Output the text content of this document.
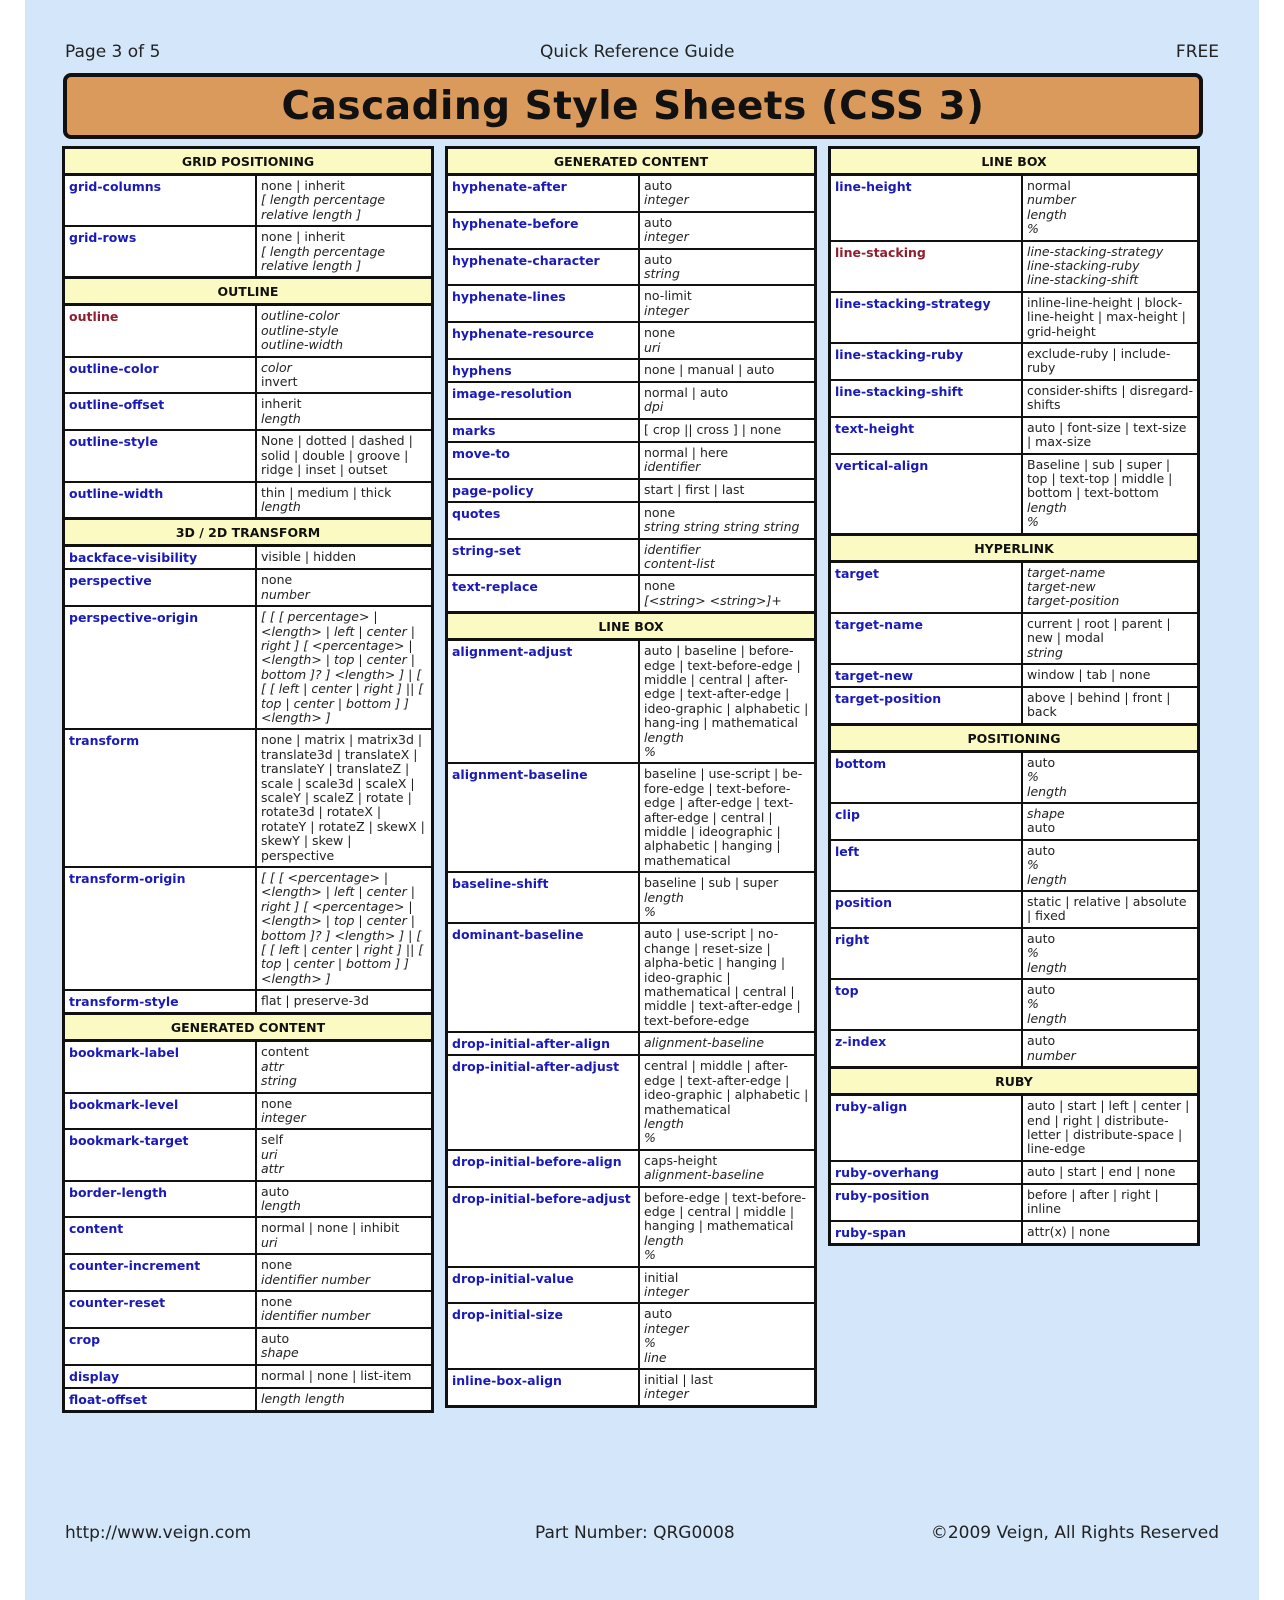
Page 3 of 5	Quick Reference Guide	FREE
Cascading Style Sheets (CSS 3)
GRID POSITIONING
grid-columns	none | inherit
[ length percentage relative length ]
grid-rows	none | inherit
[ length percentage relative length ]
OUTLINE
outline	outline-color
outline-style
outline-width
outline-color	color
invert
outline-offset	inherit
length
outline-style	None | dotted | dashed | solid | double | groove | ridge | inset | outset
outline-width	thin | medium | thick
length
3D / 2D TRANSFORM
backface-visibility	visible | hidden
perspective	none
number
perspective-origin	[ [ [ percentage> | <length> | left | center | right ] [ <percentage> | <length> | top | center | bottom ]? ] <length> ] | [ [ [ left | center | right ] || [ top | center | bottom ] ] <length> ]
transform	none | matrix | matrix3d | translate3d | translateX | translateY | translateZ | scale | scale3d | scaleX | scaleY | scaleZ | rotate | rotate3d | rotateX | rotateY | rotateZ | skewX | skewY | skew | perspective
transform-origin	[ [ [ <percentage> | <length> | left | center | right ] [ <percentage> | <length> | top | center | bottom ]? ] <length> ] | [ [ [ left | center | right ] || [ top | center | bottom ] ] <length> ]
transform-style	flat | preserve-3d
GENERATED CONTENT
bookmark-label	content
attr
string
bookmark-level	none
integer
bookmark-target	self
uri
attr
border-length	auto
length
content	normal | none | inhibit
uri
counter-increment	none
identifier number
counter-reset	none
identifier number
crop	auto
shape
display	normal | none | list-item
float-offset	length length
GENERATED CONTENT
hyphenate-after	auto
integer
hyphenate-before	auto
integer
hyphenate-character	auto
string
hyphenate-lines	no-limit
integer
hyphenate-resource	none
uri
hyphens	none | manual | auto
image-resolution	normal | auto
dpi
marks	[ crop || cross ] | none
move-to	normal | here
identifier
page-policy	start | first | last
quotes	none
string string string string
string-set	identifier
content-list
text-replace	none
[<string> <string>]+
LINE BOX
alignment-adjust	auto | baseline | before-edge | text-before-edge | middle | central | after-edge | text-after-edge | ideo-graphic | alphabetic | hang-ing | mathematical
length
%
alignment-baseline	baseline | use-script | be-fore-edge | text-before-edge | after-edge | text-after-edge | central | middle | ideographic | alphabetic | hanging | mathematical
baseline-shift	baseline | sub | super
length
%
dominant-baseline	auto | use-script | no-change | reset-size | alpha-betic | hanging | ideo-graphic | mathematical | central | middle | text-after-edge | text-before-edge
drop-initial-after-align	alignment-baseline
drop-initial-after-adjust	central | middle | after-edge | text-after-edge | ideo-graphic | alphabetic | mathematical
length
%
drop-initial-before-align	caps-height
alignment-baseline
drop-initial-before-adjust	before-edge | text-before-edge | central | middle | hanging | mathematical
length
%
drop-initial-value	initial
integer
drop-initial-size	auto
integer
%
line
inline-box-align	initial | last
integer
LINE BOX
line-height	normal
number
length
%
line-stacking	line-stacking-strategy
line-stacking-ruby
line-stacking-shift
line-stacking-strategy	inline-line-height | block-line-height | max-height | grid-height
line-stacking-ruby	exclude-ruby | include-ruby
line-stacking-shift	consider-shifts | disregard-shifts
text-height	auto | font-size | text-size | max-size
vertical-align	Baseline | sub | super | top | text-top | middle | bottom | text-bottom
length
%
HYPERLINK
target	target-name
target-new
target-position
target-name	current | root | parent | new | modal
string
target-new	window | tab | none
target-position	above | behind | front | back
POSITIONING
bottom	auto
%
length
clip	shape
auto
left	auto
%
length
position	static | relative | absolute | fixed
right	auto
%
length
top	auto
%
length
z-index	auto
number
RUBY
ruby-align	auto | start | left | center | end | right | distribute-letter | distribute-space | line-edge
ruby-overhang	auto | start | end | none
ruby-position	before | after | right | inline
ruby-span	attr(x) | none
http://www.veign.com	Part Number: QRG0008	©2009 Veign, All Rights Reserved
